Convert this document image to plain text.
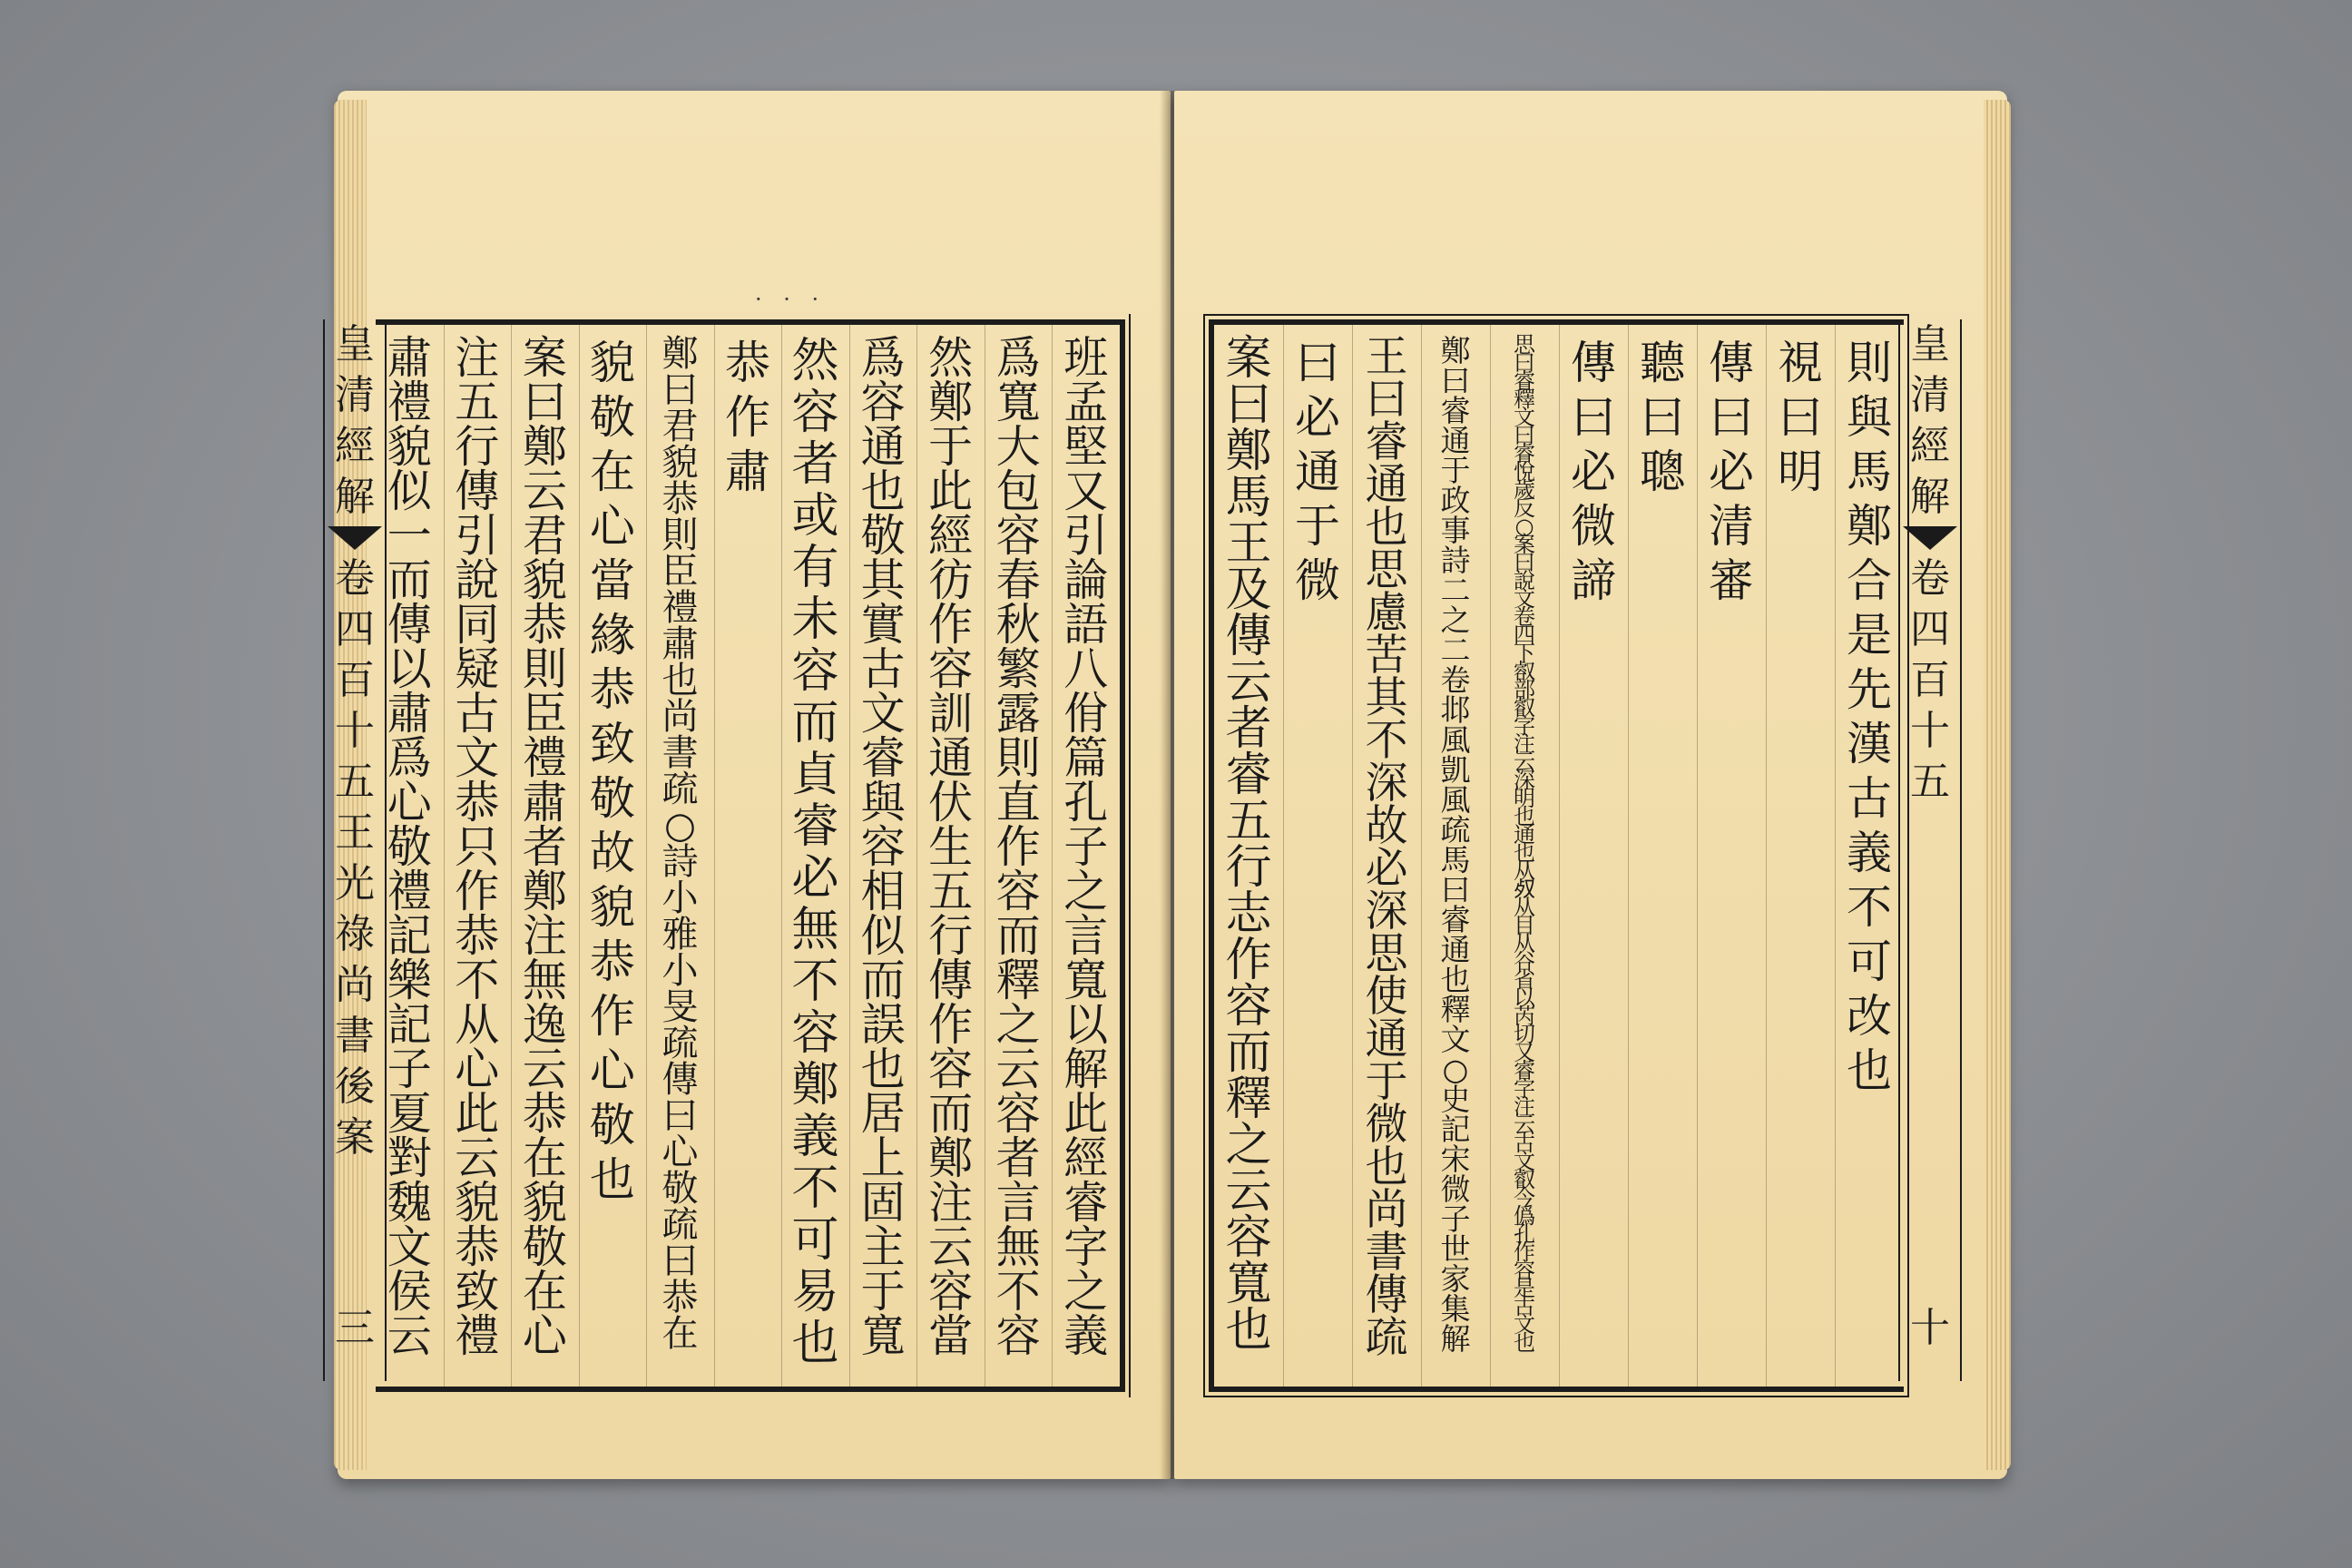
· · ·
班
孟
堅
又
引
論
語
八
佾
篇
孔
子
之
言
寬
以
解
此
經
睿
字
之
義
爲
寬
大
包
容
春
秋
繁
露
則
直
作
容
而
釋
之
云
容
者
言
無
不
容
然
鄭
于
此
經
彷
作
容
訓
通
伏
生
五
行
傳
作
容
而
鄭
注
云
容
當
爲
容
通
也
敬
其
實
古
文
睿
與
容
相
似
而
誤
也
居
上
固
主
于
寬
然
容
者
或
有
未
容
而
貞
睿
必
無
不
容
鄭
義
不
可
易
也
恭
作
肅
鄭
曰
君
貌
恭
則
臣
禮
肅
也
尚
書
疏
○
詩
小
雅
小
旻
疏
傳
曰
心
敬
疏
曰
恭
在
貌
敬
在
心
當
緣
恭
致
敬
故
貌
恭
作
心
敬
也
案
曰
鄭
云
君
貌
恭
則
臣
禮
肅
者
鄭
注
無
逸
云
恭
在
貌
敬
在
心
注
五
行
傳
引
說
同
疑
古
文
恭
只
作
恭
不
从
心
此
云
貌
恭
致
禮
肅
禮
貌
似
一
而
傳
以
肅
爲
心
敬
禮
記
樂
記
子
夏
對
魏
文
侯
云
皇
清
經
解
卷
四
百
十
五
王
光
祿
尚
書
後
案
三
則
與
馬
鄭
合
是
先
漢
古
義
不
可
改
也
視
曰
明
傳
曰
必
清
審
聽
曰
聰
傳
曰
必
微
諦
思
曰
睿
釋
文
曰
睿
悅
歲
反
○
案
曰
說
文
卷
四
下
㕡
部
叡
字
注
云
深
明
也
通
也
从
𣦼
从
目
从
谷
省
以
芮
切
又
睿
字
注
云
古
文
叡
今
僞
孔
作
容
是
古
文
也
鄭
曰
睿
通
于
政
事
詩
二
之
二
卷
邶
風
凱
風
疏
馬
曰
睿
通
也
釋
文
○
史
記
宋
微
子
世
家
集
解
王
曰
睿
通
也
思
慮
苦
其
不
深
故
必
深
思
使
通
于
微
也
尚
書
傳
疏
曰
必
通
于
微
案
曰
鄭
馬
王
及
傳
云
者
睿
五
行
志
作
容
而
釋
之
云
容
寬
也
皇
清
經
解
卷
四
百
十
五
十
